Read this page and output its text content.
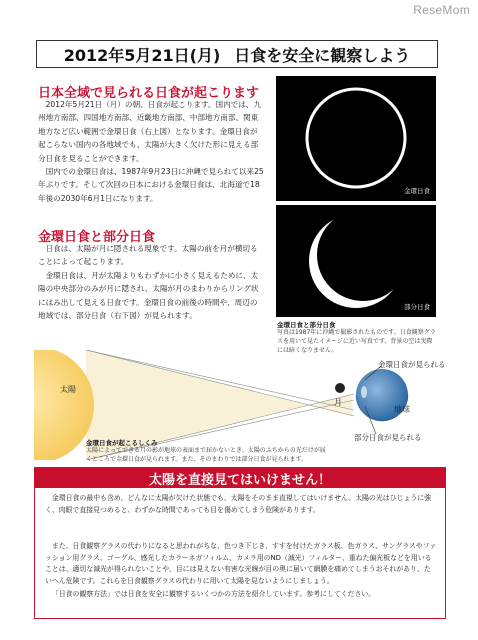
ReseMom
2012年5月21日(月) 日食を安全に観察しよう
日本全域で見られる日食が起こります

2012年5月21日（月）の朝、日食が起こります。国内では、九州地方南部、四国地方南部、近畿地方南部、中部地方南部、関東地方など広い範囲で金環日食（右上図）となります。金環日食が起こらない国内の各地域でも、太陽が大きく欠けた形に見える部分日食を見ることができます。

国内での金環日食は、1987年9月23日に沖縄で見られて以来25年ぶりです。そして次回の日本における金環日食は、北海道で18年後の2030年6月1日になります。

金環日食と部分日食

日食は、太陽が月に隠される現象です。太陽の前を月が横切ることによって起こります。

金環日食は、月が太陽よりもわずかに小さく見えるために、太陽の中央部分のみが月に隠され、太陽が月のまわりからリング状にはみ出して見える日食です。金環日食の前後の時間や、周辺の地域では、部分日食（右下図）が見られます。

金環日食
部分日食
金環日食と部分日食

写真は1987年に沖縄で撮影されたものです。日食観察グラスを用いて見たイメージに近い写真です。背景の空は実際には暗くなりません。

太陽
月
地球
金環日食が見られる
部分日食が見られる
金環日食が起こるしくみ

太陽によってできる月の影が地球の表面まで届かないとき、太陽のふちからの光だけが届くところで金環日食が見られます。また、そのまわりでは部分日食が見られます。

太陽を直接見てはいけません！

金環日食の最中も含め、どんなに太陽が欠けた状態でも、太陽をそのまま直視してはいけません。太陽の光はひじょうに強く、肉眼で直接見つめると、わずかな時間であっても目を傷めてしまう危険があります。

また、日食観察グラスの代わりになると思われがちな、色つき下じき、すすを付けたガラス板、色ガラス、サングラスやファッション用グラス、ゴーグル、感光したカラーネガフィルム、カメラ用のND（減光）フィルター、重ねた偏光板などを用いることは、適切な減光が得られないことや、目には見えない有害な光線が目の奥に届いて網膜を痛めてしまうおそれがあり、たいへん危険です。これらを日食観察グラスの代わりに用いて太陽を見ないようにしましょう。

「日食の観察方法」では日食を安全に観察するいくつかの方法を紹介しています。参考にしてください。
